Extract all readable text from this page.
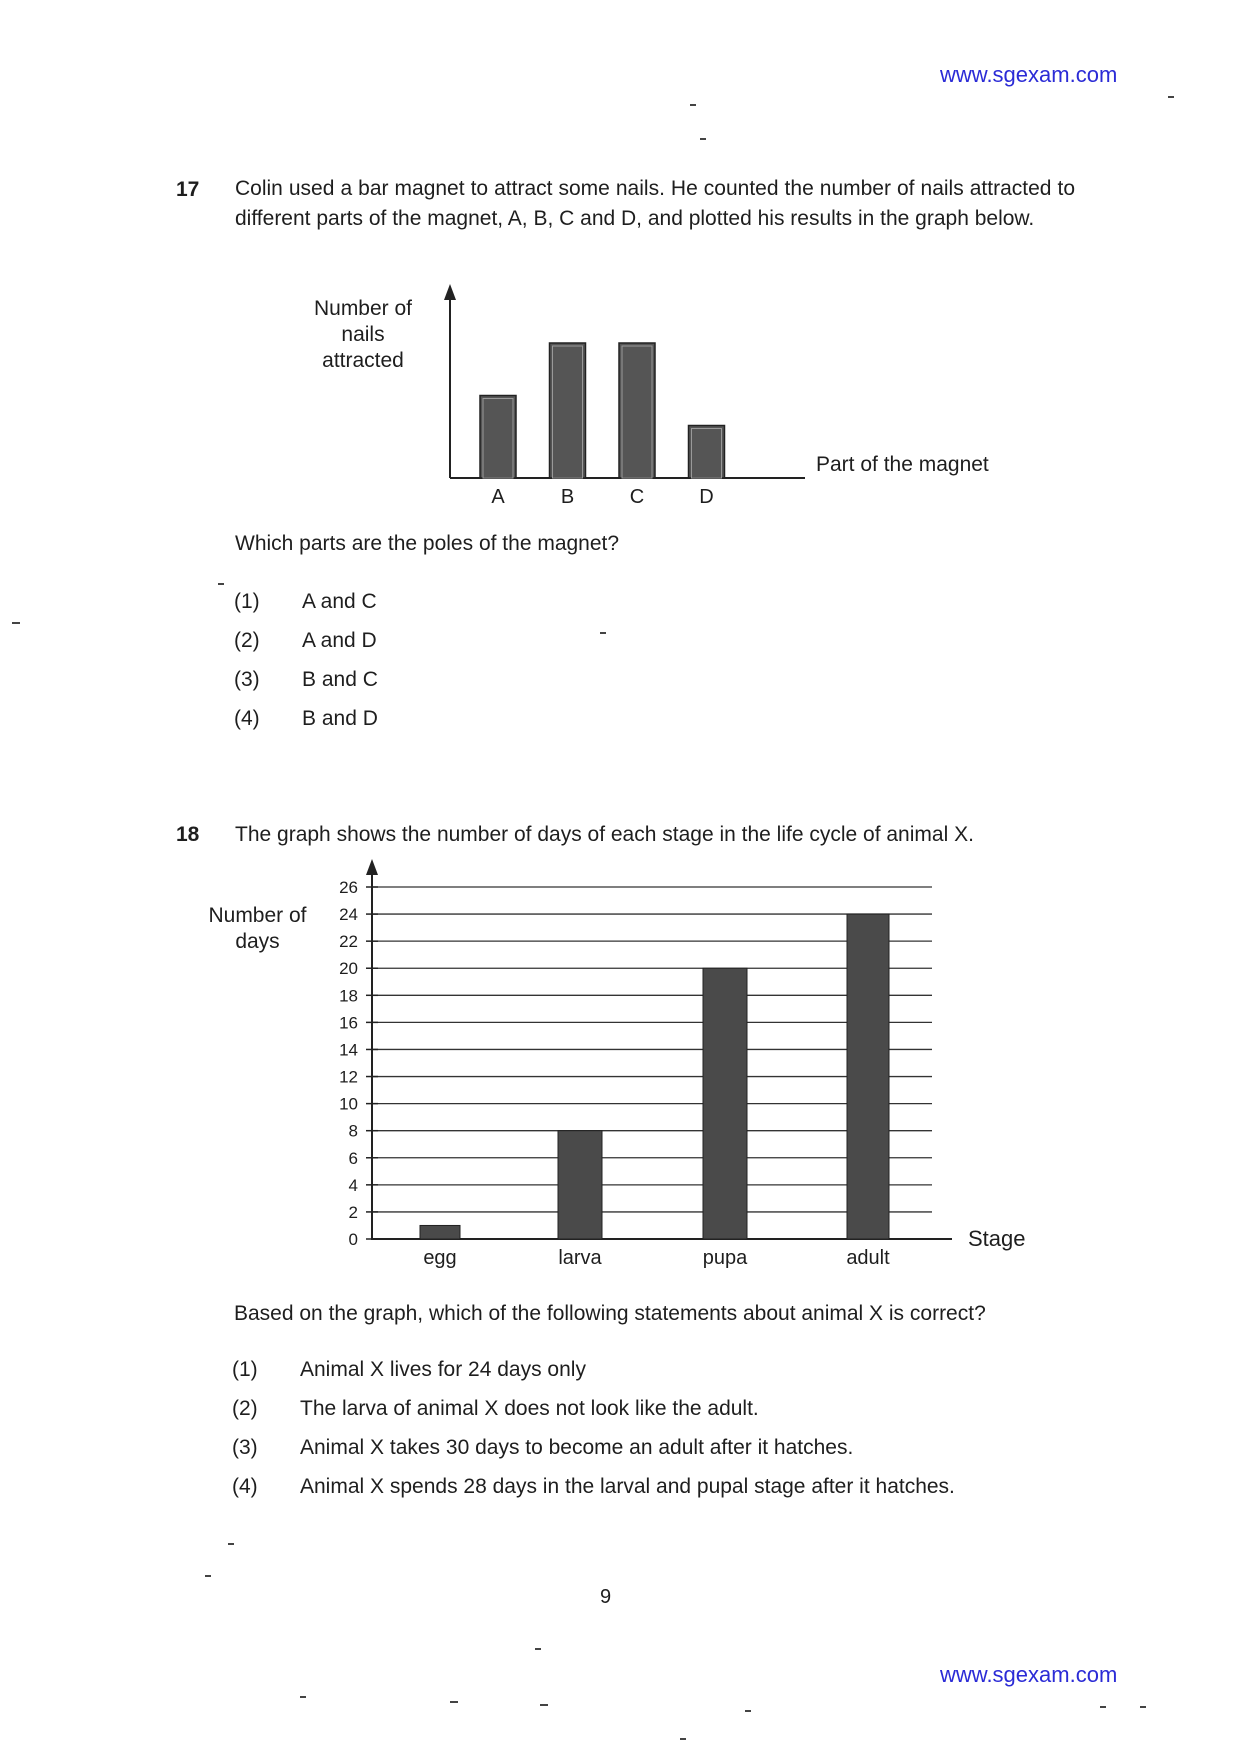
www.sgexam.com
17 Colin used a bar magnet to attract some nails. He counted the number of nails attracted to different parts of the magnet, A, B, C and D, and plotted his results in the graph below.
Number of nails attracted
Part of the magnet
A	B	C	D
Which parts are the poles of the magnet?
(1) A and C
(2) A and D
(3) B and C
(4) B and D
18 The graph shows the number of days of each stage in the life cycle of animal X.
Number of days
Stage
0
2
4
6
8
10
12
14
16
18
20
22
24
26
egg	larva	pupa	adult
Based on the graph, which of the following statements about animal X is correct?
(1) Animal X lives for 24 days only
(2) The larva of animal X does not look like the adult.
(3) Animal X takes 30 days to become an adult after it hatches.
(4) Animal X spends 28 days in the larval and pupal stage after it hatches.
9
www.sgexam.com
